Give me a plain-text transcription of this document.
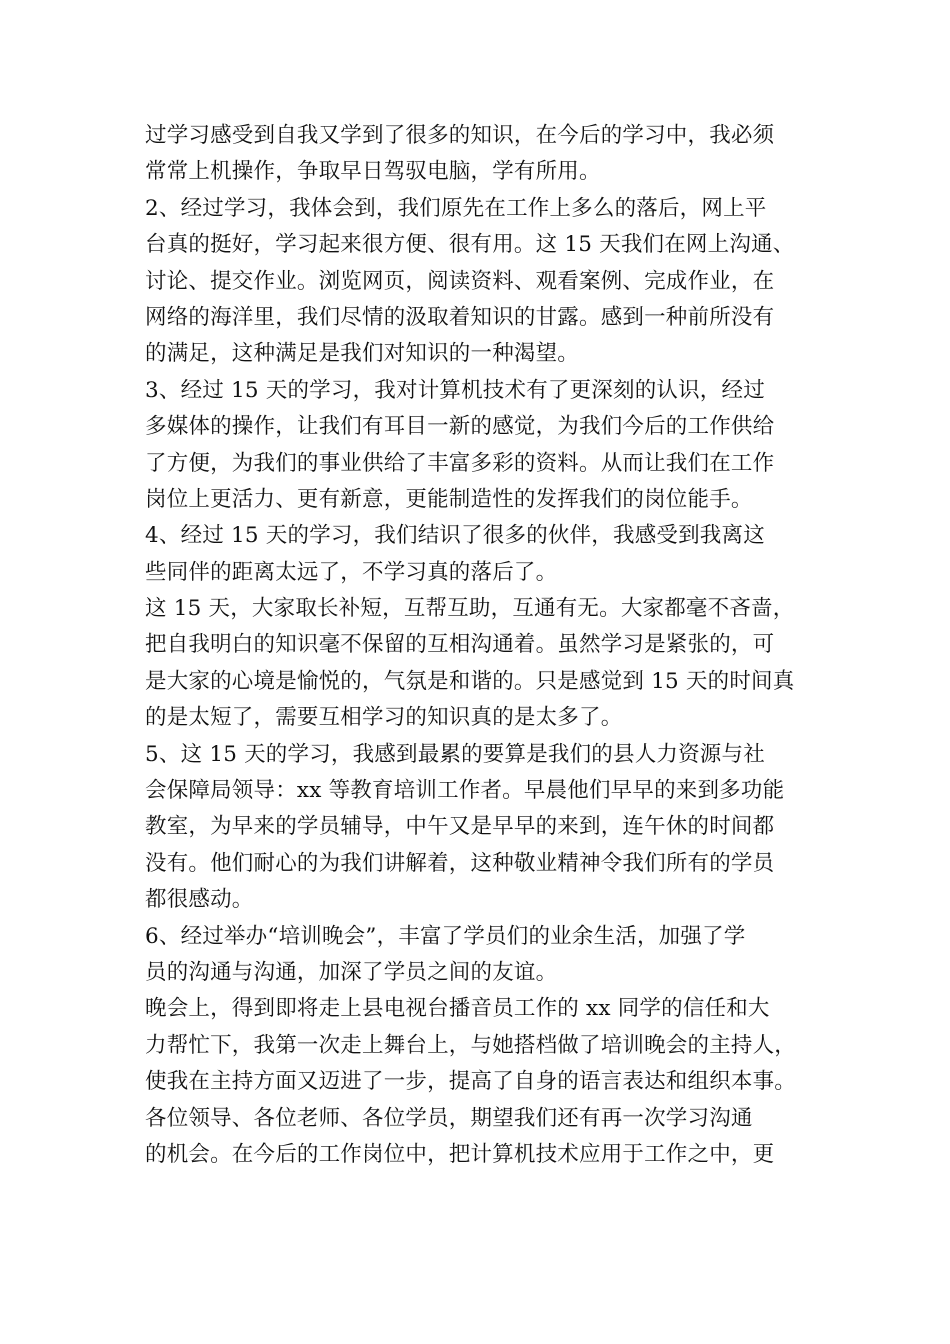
过学习感受到自我又学到了很多的知识，在今后的学习中，我必须
常常上机操作，争取早日驾驭电脑，学有所用。
2、经过学习，我体会到，我们原先在工作上多么的落后，网上平
台真的挺好，学习起来很方便、很有用。这 15 天我们在网上沟通、
讨论、提交作业。浏览网页，阅读资料、观看案例、完成作业，在
网络的海洋里，我们尽情的汲取着知识的甘露。感到一种前所没有
的满足，这种满足是我们对知识的一种渴望。
3、经过 15 天的学习，我对计算机技术有了更深刻的认识，经过
多媒体的操作，让我们有耳目一新的感觉，为我们今后的工作供给
了方便，为我们的事业供给了丰富多彩的资料。从而让我们在工作
岗位上更活力、更有新意，更能制造性的发挥我们的岗位能手。
4、经过 15 天的学习，我们结识了很多的伙伴，我感受到我离这
些同伴的距离太远了，不学习真的落后了。
这 15 天，大家取长补短，互帮互助，互通有无。大家都毫不吝啬，
把自我明白的知识毫不保留的互相沟通着。虽然学习是紧张的，可
是大家的心境是愉悦的，气氛是和谐的。只是感觉到 15 天的时间真
的是太短了，需要互相学习的知识真的是太多了。
5、这 15 天的学习，我感到最累的要算是我们的县人力资源与社
会保障局领导：xx 等教育培训工作者。早晨他们早早的来到多功能
教室，为早来的学员辅导，中午又是早早的来到，连午休的时间都
没有。他们耐心的为我们讲解着，这种敬业精神令我们所有的学员
都很感动。
6、经过举办“培训晚会”，丰富了学员们的业余生活，加强了学
员的沟通与沟通，加深了学员之间的友谊。
晚会上，得到即将走上县电视台播音员工作的 xx 同学的信任和大
力帮忙下，我第一次走上舞台上，与她搭档做了培训晚会的主持人，
使我在主持方面又迈进了一步，提高了自身的语言表达和组织本事。
各位领导、各位老师、各位学员，期望我们还有再一次学习沟通
的机会。在今后的工作岗位中，把计算机技术应用于工作之中，更
